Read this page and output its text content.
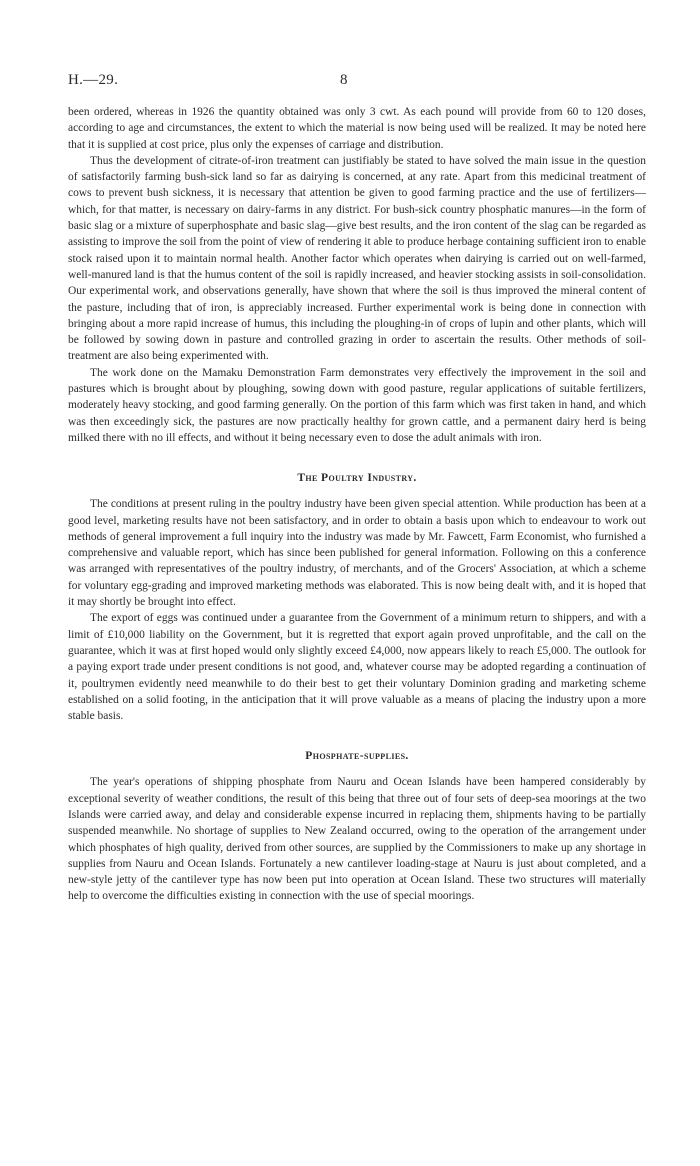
H.—29.	8

been ordered, whereas in 1926 the quantity obtained was only 3 cwt. As each pound will provide from 60 to 120 doses, according to age and circumstances, the extent to which the material is now being used will be realized. It may be noted here that it is supplied at cost price, plus only the expenses of carriage and distribution.

Thus the development of citrate-of-iron treatment can justifiably be stated to have solved the main issue in the question of satisfactorily farming bush-sick land so far as dairying is concerned, at any rate. Apart from this medicinal treatment of cows to prevent bush sickness, it is necessary that attention be given to good farming practice and the use of fertilizers—which, for that matter, is necessary on dairy-farms in any district. For bush-sick country phosphatic manures—in the form of basic slag or a mixture of superphosphate and basic slag—give best results, and the iron content of the slag can be regarded as assisting to improve the soil from the point of view of rendering it able to produce herbage containing sufficient iron to enable stock raised upon it to maintain normal health. Another factor which operates when dairying is carried out on well-farmed, well-manured land is that the humus content of the soil is rapidly increased, and heavier stocking assists in soil-consolidation. Our experimental work, and observations generally, have shown that where the soil is thus improved the mineral content of the pasture, including that of iron, is appreciably increased. Further experimental work is being done in connection with bringing about a more rapid increase of humus, this including the ploughing-in of crops of lupin and other plants, which will be followed by sowing down in pasture and controlled grazing in order to ascertain the results. Other methods of soil-treatment are also being experimented with.

The work done on the Mamaku Demonstration Farm demonstrates very effectively the improvement in the soil and pastures which is brought about by ploughing, sowing down with good pasture, regular applications of suitable fertilizers, moderately heavy stocking, and good farming generally. On the portion of this farm which was first taken in hand, and which was then exceedingly sick, the pastures are now practically healthy for grown cattle, and a permanent dairy herd is being milked there with no ill effects, and without it being necessary even to dose the adult animals with iron.

The Poultry Industry.

The conditions at present ruling in the poultry industry have been given special attention. While production has been at a good level, marketing results have not been satisfactory, and in order to obtain a basis upon which to endeavour to work out methods of general improvement a full inquiry into the industry was made by Mr. Fawcett, Farm Economist, who furnished a comprehensive and valuable report, which has since been published for general information. Following on this a conference was arranged with representatives of the poultry industry, of merchants, and of the Grocers' Association, at which a scheme for voluntary egg-grading and improved marketing methods was elaborated. This is now being dealt with, and it is hoped that it may shortly be brought into effect.

The export of eggs was continued under a guarantee from the Government of a minimum return to shippers, and with a limit of £10,000 liability on the Government, but it is regretted that export again proved unprofitable, and the call on the guarantee, which it was at first hoped would only slightly exceed £4,000, now appears likely to reach £5,000. The outlook for a paying export trade under present conditions is not good, and, whatever course may be adopted regarding a continuation of it, poultrymen evidently need meanwhile to do their best to get their voluntary Dominion grading and marketing scheme established on a solid footing, in the anticipation that it will prove valuable as a means of placing the industry upon a more stable basis.

Phosphate-supplies.

The year's operations of shipping phosphate from Nauru and Ocean Islands have been hampered considerably by exceptional severity of weather conditions, the result of this being that three out of four sets of deep-sea moorings at the two Islands were carried away, and delay and considerable expense incurred in replacing them, shipments having to be partially suspended meanwhile. No shortage of supplies to New Zealand occurred, owing to the operation of the arrangement under which phosphates of high quality, derived from other sources, are supplied by the Commissioners to make up any shortage in supplies from Nauru and Ocean Islands. Fortunately a new cantilever loading-stage at Nauru is just about completed, and a new-style jetty of the cantilever type has now been put into operation at Ocean Island. These two structures will materially help to overcome the difficulties existing in connection with the use of special moorings.
